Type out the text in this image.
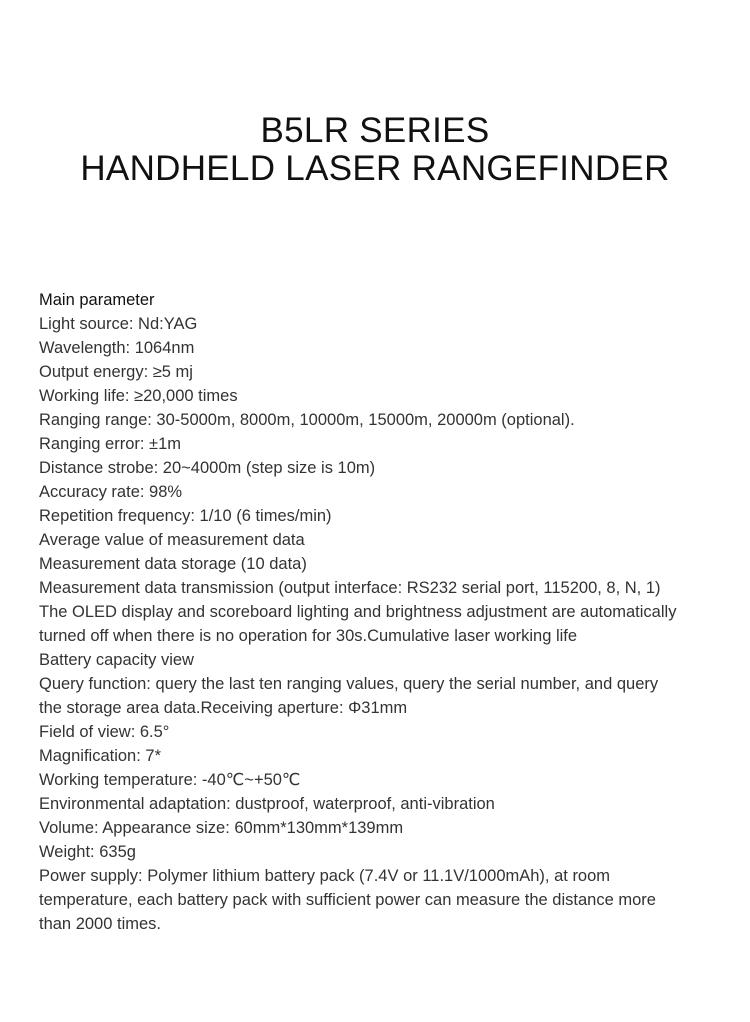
B5LR SERIES
HANDHELD LASER RANGEFINDER
Main parameter
Light source: Nd:YAG
Wavelength: 1064nm
Output energy: ≥5 mj
Working life: ≥20,000 times
Ranging range: 30-5000m, 8000m, 10000m, 15000m, 20000m (optional).
Ranging error: ±1m
Distance strobe: 20~4000m (step size is 10m)
Accuracy rate: 98%
Repetition frequency: 1/10 (6 times/min)
Average value of measurement data
Measurement data storage (10 data)
Measurement data transmission (output interface: RS232 serial port, 115200, 8, N, 1)
The OLED display and scoreboard lighting and brightness adjustment are automatically
turned off when there is no operation for 30s.Cumulative laser working life
Battery capacity view
Query function: query the last ten ranging values, query the serial number, and query
the storage area data.Receiving aperture: Φ31mm
Field of view: 6.5°
Magnification: 7*
Working temperature: -40℃~+50℃
Environmental adaptation: dustproof, waterproof, anti-vibration
Volume: Appearance size: 60mm*130mm*139mm
Weight: 635g
Power supply: Polymer lithium battery pack (7.4V or 11.1V/1000mAh), at room
temperature, each battery pack with sufficient power can measure the distance more
than 2000 times.
